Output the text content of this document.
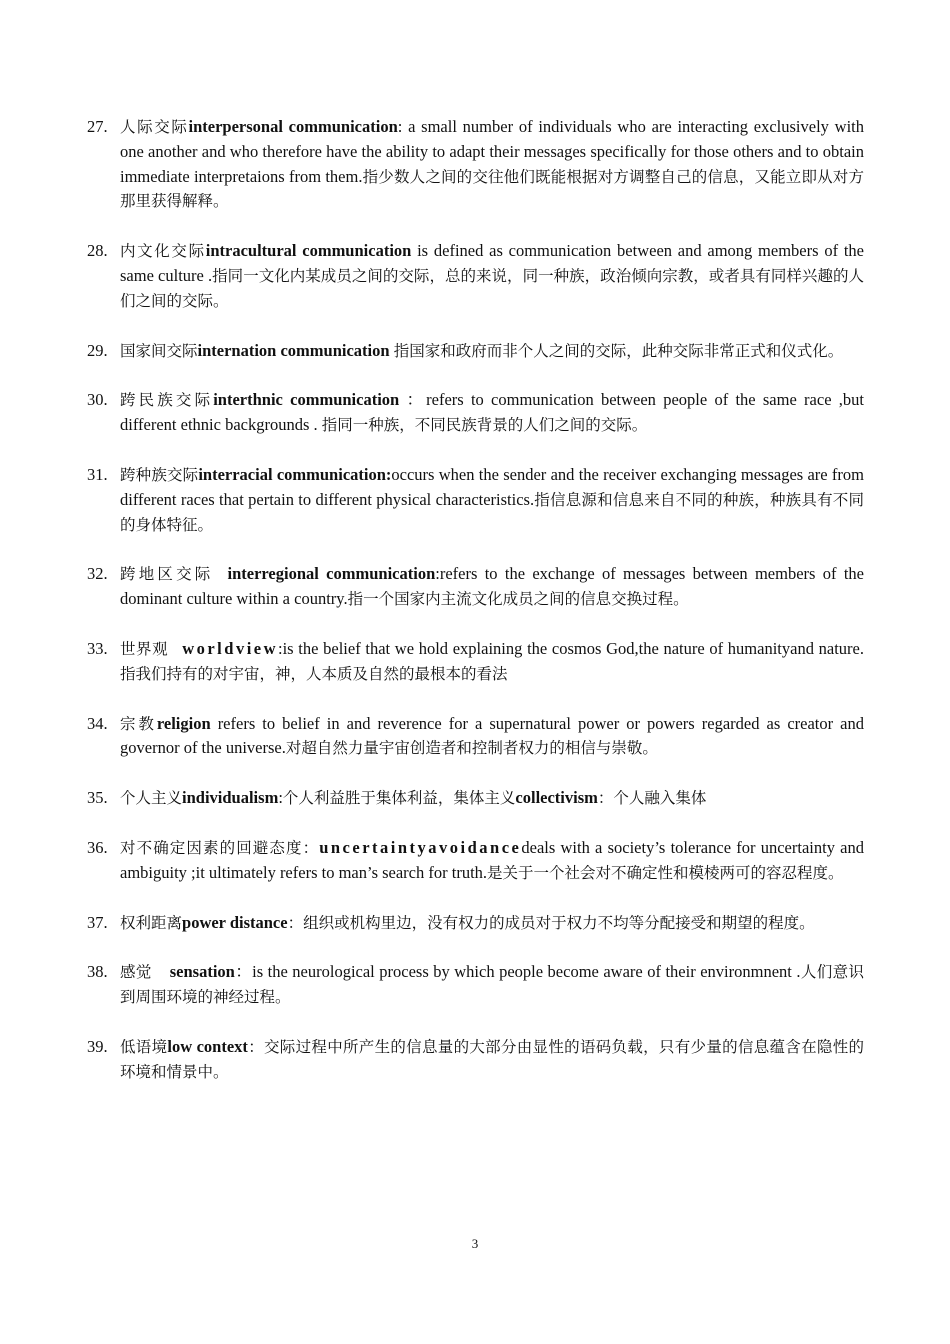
27. 人际交际interpersonal communication: a small number of individuals who are interacting exclusively with one another and who therefore have the ability to adapt their messages specifically for those others and to obtain immediate interpretaions from them.指少数人之间的交往他们既能根据对方调整自己的信息，又能立即从对方那里获得解释。
28. 内文化交际intracultural communication is defined as communication between and among members of the same culture .指同一文化内某成员之间的交际，总的来说，同一种族，政治倾向宗教，或者具有同样兴趣的人们之间的交际。
29. 国家间交际internation communication 指国家和政府而非个人之间的交际，此种交际非常正式和仪式化。
30. 跨民族交际interthnic communication ：refers to communication between people of the same race ,but different ethnic backgrounds . 指同一种族，不同民族背景的人们之间的交际。
31. 跨种族交际interracial communication:occurs when the sender and the receiver exchanging messages are from different races that pertain to different physical characteristics.指信息源和信息来自不同的种族，种族具有不同的身体特征。
32. 跨地区交际 interregional communication:refers to the exchange of messages between members of the dominant culture within a country.指一个国家内主流文化成员之间的信息交换过程。
33. 世界观 worldview:is the belief that we hold explaining the cosmos God,the nature of humanityand nature.指我们持有的对宇宙，神，人本质及自然的最根本的看法
34. 宗教religion refers to belief in and reverence for a supernatural power or powers regarded as creator and governor of the universe.对超自然力量宇宙创造者和控制者权力的相信与崇敬。
35. 个人主义individualism:个人利益胜于集体利益，集体主义collectivism：个人融入集体
36. 对不确定因素的回避态度：uncertaintyavoidancedeals with a society’s tolerance for uncertainty and ambiguity ;it ultimately refers to man’s search for truth.是关于一个社会对不确定性和模棱两可的容忍程度。
37. 权利距离power distance：组织或机构里边，没有权力的成员对于权力不均等分配接受和期望的程度。
38. 感觉 sensation：is the neurological process by which people become aware of their environmnent .人们意识到周围环境的神经过程。
39. 低语境low context：交际过程中所产生的信息量的大部分由显性的语码负载，只有少量的信息蕴含在隐性的环境和情景中。
3
